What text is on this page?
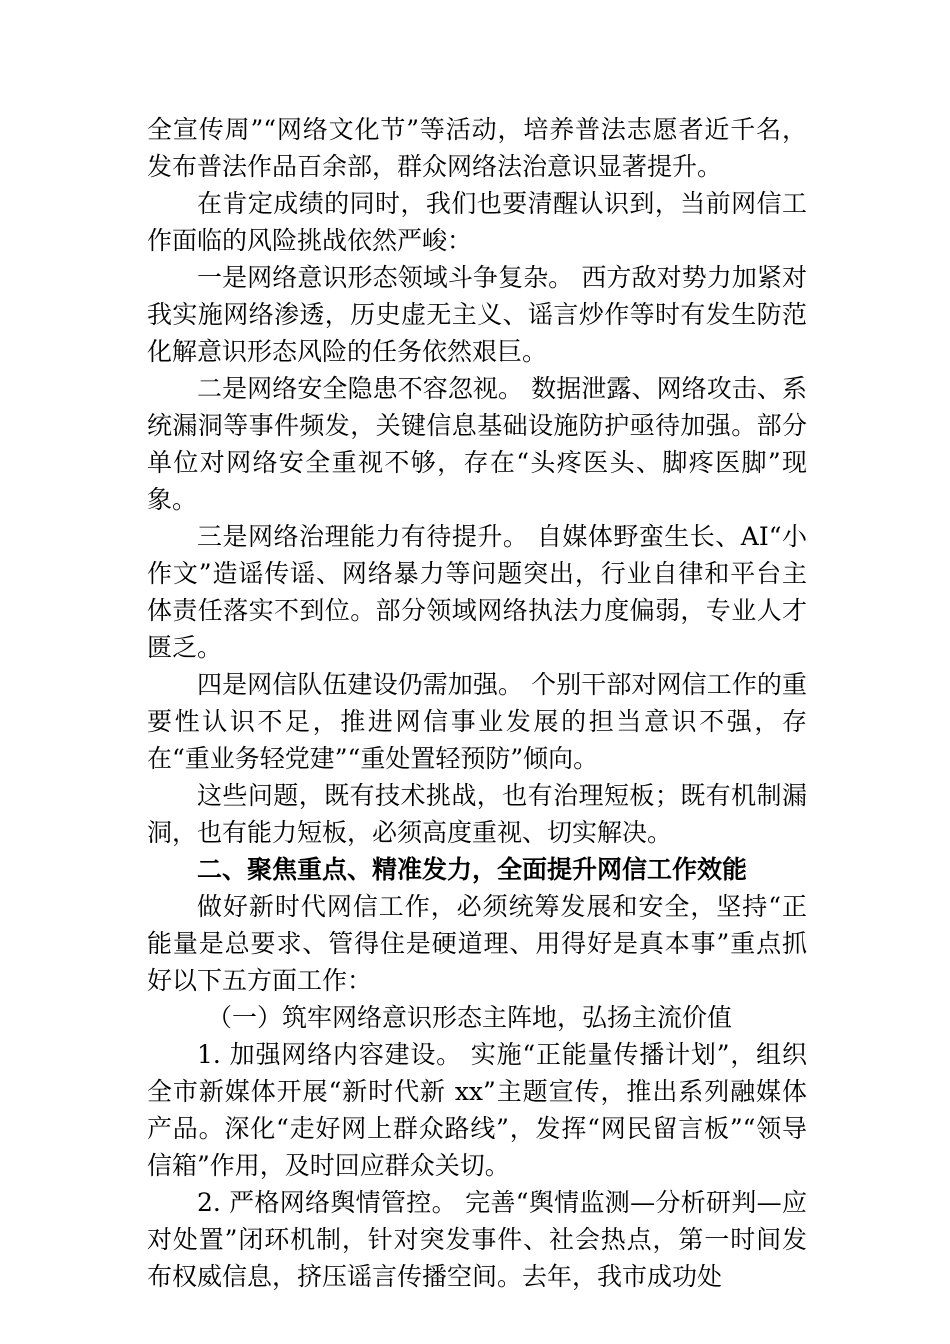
全宣传周”“网络文化节”等活动，培养普法志愿者近千名，发布普法作品百余部，群众网络法治意识显著提升。

在肯定成绩的同时，我们也要清醒认识到，当前网信工作面临的风险挑战依然严峻：

一是网络意识形态领域斗争复杂。 西方敌对势力加紧对我实施网络渗透，历史虚无主义、谣言炒作等时有发生防范化解意识形态风险的任务依然艰巨。

二是网络安全隐患不容忽视。 数据泄露、网络攻击、系统漏洞等事件频发，关键信息基础设施防护亟待加强。部分单位对网络安全重视不够，存在“头疼医头、脚疼医脚”现象。

三是网络治理能力有待提升。 自媒体野蛮生长、AI“小作文”造谣传谣、网络暴力等问题突出，行业自律和平台主体责任落实不到位。部分领域网络执法力度偏弱，专业人才匮乏。

四是网信队伍建设仍需加强。 个别干部对网信工作的重要性认识不足，推进网信事业发展的担当意识不强，存在“重业务轻党建”“重处置轻预防”倾向。

这些问题，既有技术挑战，也有治理短板；既有机制漏洞，也有能力短板，必须高度重视、切实解决。

二、聚焦重点、精准发力，全面提升网信工作效能

做好新时代网信工作，必须统筹发展和安全，坚持“正能量是总要求、管得住是硬道理、用得好是真本事”重点抓好以下五方面工作：

（一）筑牢网络意识形态主阵地，弘扬主流价值

1. 加强网络内容建设。 实施“正能量传播计划”，组织全市新媒体开展“新时代新 xx”主题宣传，推出系列融媒体产品。深化“走好网上群众路线”，发挥“网民留言板”“领导信箱”作用，及时回应群众关切。

2. 严格网络舆情管控。 完善“舆情监测—分析研判—应对处置”闭环机制，针对突发事件、社会热点，第一时间发布权威信息，挤压谣言传播空间。去年，我市成功处
